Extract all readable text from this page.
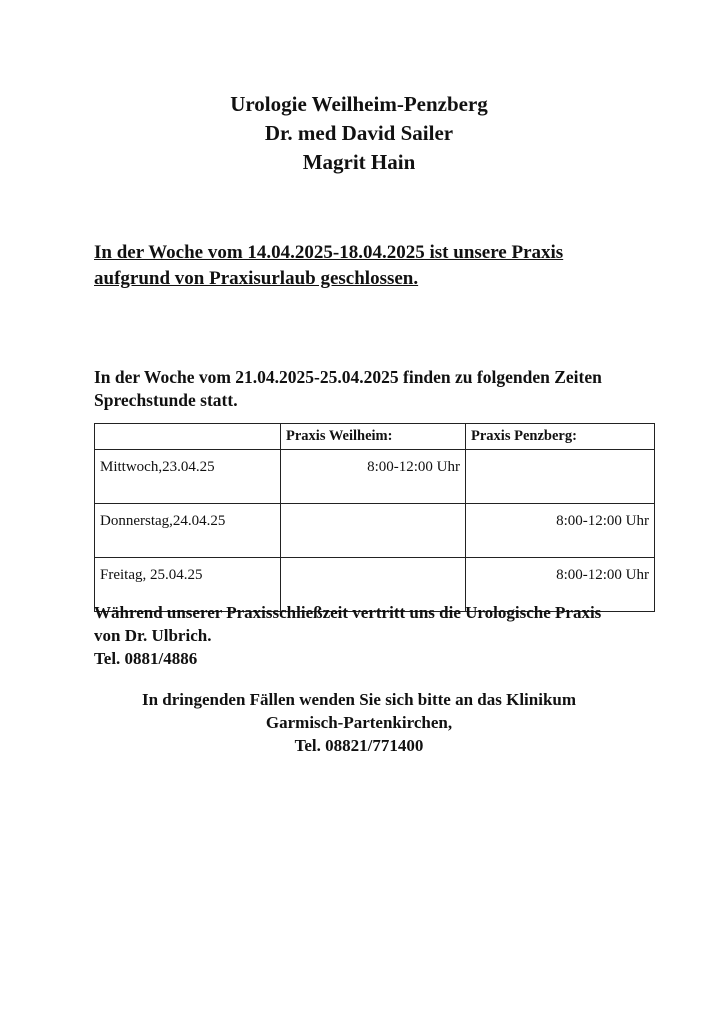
Urologie Weilheim-Penzberg
Dr. med David Sailer
Magrit Hain
In der Woche vom 14.04.2025-18.04.2025 ist unsere Praxis
aufgrund von Praxisurlaub geschlossen.
In der Woche vom 21.04.2025-25.04.2025 finden zu folgenden Zeiten
Sprechstunde statt.
	Praxis Weilheim:	Praxis Penzberg:
Mittwoch,23.04.25	8:00-12:00 Uhr	
Donnerstag,24.04.25		8:00-12:00 Uhr
Freitag, 25.04.25		8:00-12:00 Uhr
Während unserer Praxisschließzeit vertritt uns die Urologische Praxis
von Dr. Ulbrich.
Tel. 0881/4886
In dringenden Fällen wenden Sie sich bitte an das Klinikum
Garmisch-Partenkirchen,
Tel. 08821/771400
